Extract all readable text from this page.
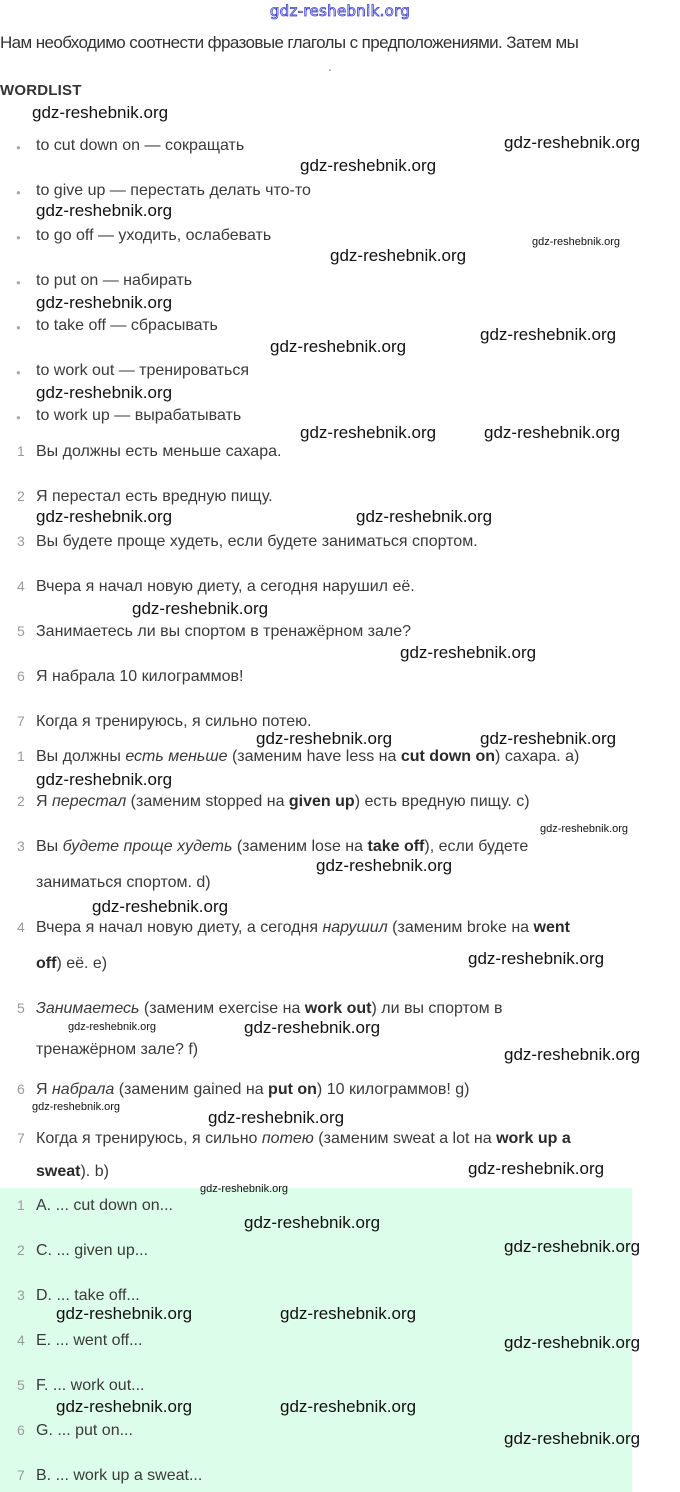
gdz-reshebnik.org
Нам необходимо соотнести фразовые глаголы с предположениями. Затем мы
.
WORDLIST
● to cut down on — сокращать
● to give up — перестать делать что-то
● to go off — уходить, ослабевать
● to put on — набирать
● to take off — сбрасывать
● to work out — тренироваться
● to work up — вырабатывать
1 Вы должны есть меньше сахара.
2 Я перестал есть вредную пищу.
3 Вы будете проще худеть, если будете заниматься спортом.
4 Вчера я начал новую диету, а сегодня нарушил её.
5 Занимаетесь ли вы спортом в тренажёрном зале?
6 Я набрала 10 килограммов!
7 Когда я тренируюсь, я сильно потею.
1 Вы должны есть меньше (заменим have less на cut down on) сахара. a)
2 Я перестал (заменим stopped на given up) есть вредную пищу. c)
3 Вы будете проще худеть (заменим lose на take off), если будете
заниматься спортом. d)
4 Вчера я начал новую диету, а сегодня нарушил (заменим broke на went
off) её. e)
5 Занимаетесь (заменим exercise на work out) ли вы спортом в
тренажёрном зале? f)
6 Я набрала (заменим gained на put on) 10 килограммов! g)
7 Когда я тренируюсь, я сильно потею (заменим sweat a lot на work up a
sweat). b)
1 A. ... cut down on...
2 C. ... given up...
3 D. ... take off...
4 E. ... went off...
5 F. ... work out...
6 G. ... put on...
7 B. ... work up a sweat...
gdz-reshebnik.org
gdz-reshebnik.org
gdz-reshebnik.org
gdz-reshebnik.org
gdz-reshebnik.org
gdz-reshebnik.org
gdz-reshebnik.org
gdz-reshebnik.org
gdz-reshebnik.org
gdz-reshebnik.org
gdz-reshebnik.org	gdz-reshebnik.org
gdz-reshebnik.org	gdz-reshebnik.org
gdz-reshebnik.org
gdz-reshebnik.org
gdz-reshebnik.org	gdz-reshebnik.org
gdz-reshebnik.org
gdz-reshebnik.org
gdz-reshebnik.org
gdz-reshebnik.org
gdz-reshebnik.org
gdz-reshebnik.org	gdz-reshebnik.org
gdz-reshebnik.org
gdz-reshebnik.org
gdz-reshebnik.org
gdz-reshebnik.org
gdz-reshebnik.org
gdz-reshebnik.org
gdz-reshebnik.org
gdz-reshebnik.org	gdz-reshebnik.org
gdz-reshebnik.org
gdz-reshebnik.org	gdz-reshebnik.org
gdz-reshebnik.org
